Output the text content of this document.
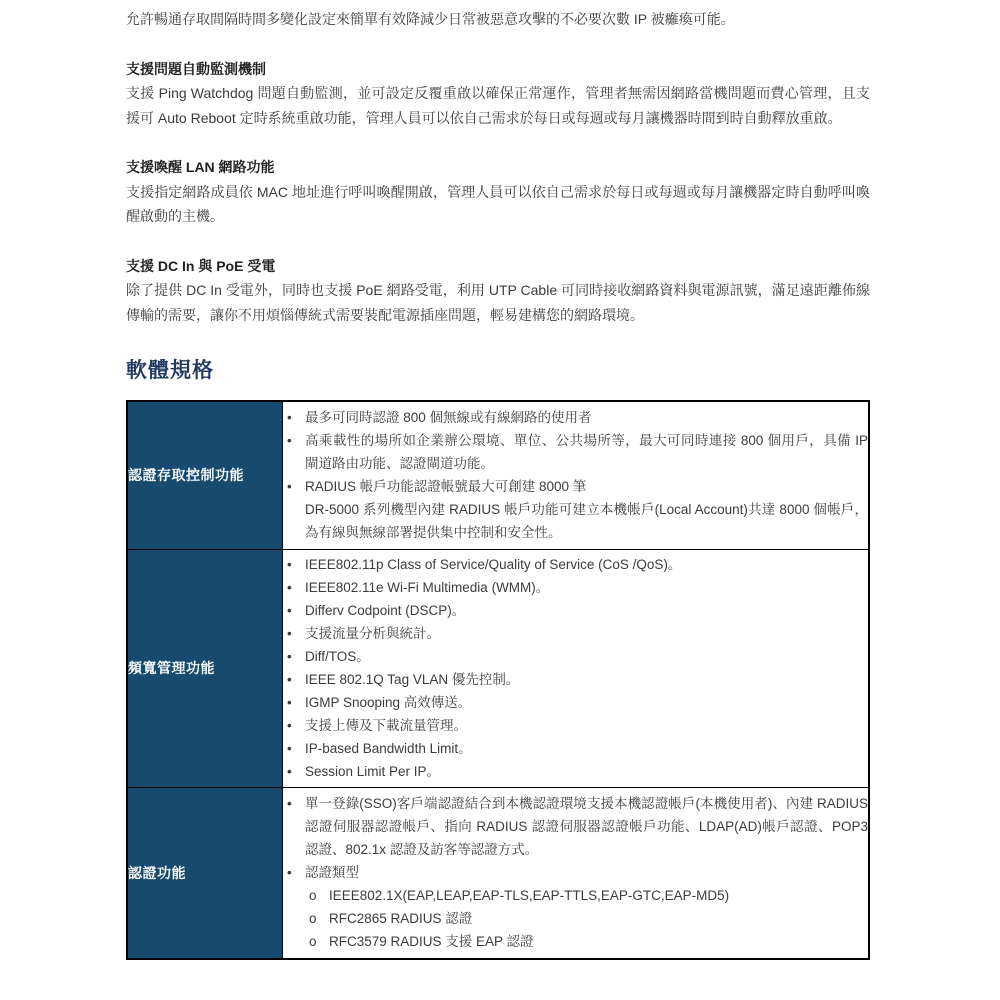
允許暢通存取間隔時間多變化設定來簡單有效降減少日常被惡意攻擊的不必要次數 IP 被癱瘓可能。

支援問題自動監測機制

支援 Ping Watchdog 問題自動監測，並可設定反覆重啟以確保正常運作，管理者無需因網路當機問題而費心管理，且支援可 Auto Reboot 定時系統重啟功能，管理人員可以依自己需求於每日或每週或每月讓機器時間到時自動釋放重啟。

支援喚醒 LAN 網路功能

支援指定網路成員依 MAC 地址進行呼叫喚醒開啟，管理人員可以依自己需求於每日或每週或每月讓機器定時自動呼叫喚醒啟動的主機。

支援 DC In 與 PoE 受電

除了提供 DC In 受電外，同時也支援 PoE 網路受電，利用 UTP Cable 可同時接收網路資料與電源訊號，滿足遠距離佈線傳輸的需要，讓你不用煩惱傳統式需要裝配電源插座問題，輕易建構您的網路環境。

軟體規格
認證存取控制功能	
• 最多可同時認證 800 個無線或有線網路的使用者
• 高乘載性的場所如企業辦公環境、單位、公共場所等，最大可同時連接 800 個用戶，具備 IP 閘道路由功能、認證閘道功能。
• RADIUS 帳戶功能認證帳號最大可創建 8000 筆
DR-5000 系列機型內建 RADIUS 帳戶功能可建立本機帳戶(Local Account)共達 8000 個帳戶，為有線與無線部署提供集中控制和安全性。

頻寬管理功能	
• IEEE802.11p Class of Service/Quality of Service (CoS /QoS)。
• IEEE802.11e Wi-Fi Multimedia (WMM)。
• Differv Codpoint (DSCP)。
• 支援流量分析與統計。
• Diff/TOS。
• IEEE 802.1Q Tag VLAN 優先控制。
• IGMP Snooping 高效傳送。
• 支援上傳及下載流量管理。
• IP-based Bandwidth Limit。
• Session Limit Per IP。

認證功能	
• 單一登錄(SSO)客戶端認證結合到本機認證環境支援本機認證帳戶(本機使用者)、內建 RADIUS 認證伺服器認證帳戶、指向 RADIUS 認證伺服器認證帳戶功能、LDAP(AD)帳戶認證、POP3 認證、802.1x 認證及訪客等認證方式。
• 認證類型
o IEEE802.1X(EAP,LEAP,EAP-TLS,EAP-TTLS,EAP-GTC,EAP-MD5)
o RFC2865 RADIUS 認證
o RFC3579 RADIUS 支援 EAP 認證
